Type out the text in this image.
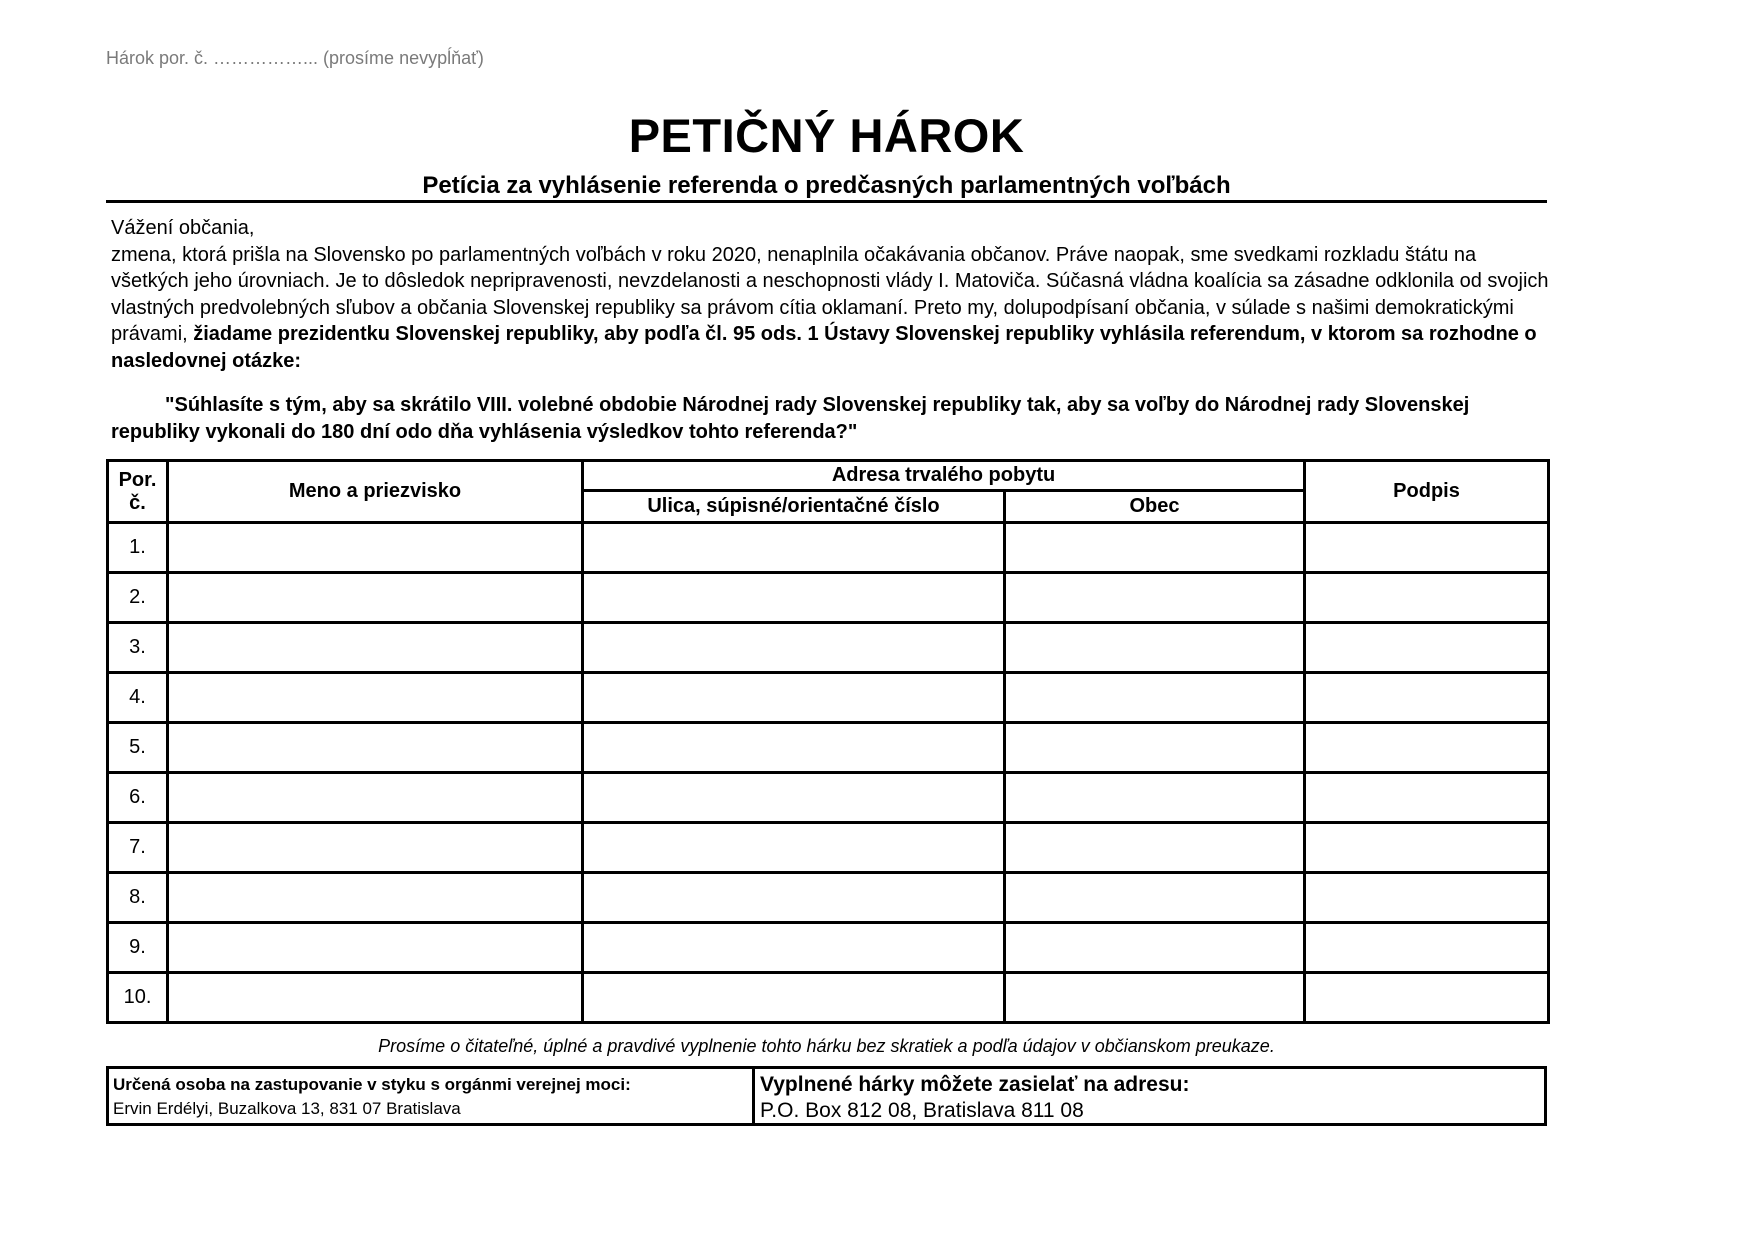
Hárok por. č. ……………... (prosíme nevypĺňať)
PETIČNÝ HÁROK
Petícia za vyhlásenie referenda o predčasných parlamentných voľbách

Vážení občania,

zmena, ktorá prišla na Slovensko po parlamentných voľbách v roku 2020, nenaplnila očakávania občanov. Práve naopak, sme svedkami rozkladu štátu na všetkých jeho úrovniach. Je to dôsledok nepripravenosti, nevzdelanosti a neschopnosti vlády I. Matoviča. Súčasná vládna koalícia sa zásadne odklonila od svojich vlastných predvolebných sľubov a občania Slovenskej republiky sa právom cítia oklamaní. Preto my, dolupodpísaní občania, v súlade s našimi demokratickými právami, žiadame prezidentku Slovenskej republiky, aby podľa čl. 95 ods. 1 Ústavy Slovenskej republiky vyhlásila referendum, v ktorom sa rozhodne o nasledovnej otázke:

"Súhlasíte s tým, aby sa skrátilo VIII. volebné obdobie Národnej rady Slovenskej republiky tak, aby sa voľby do Národnej rady Slovenskej republiky vykonali do 180 dní odo dňa vyhlásenia výsledkov tohto referenda?"
Por. č.	Meno a priezvisko	Adresa trvalého pobytu		Podpis
		Ulica, súpisné/orientačné číslo	Obec	
1.				
2.				
3.				
4.				
5.				
6.				
7.				
8.				
9.				
10.				
Prosíme o čitateľné, úplné a pravdivé vyplnenie tohto hárku bez skratiek a podľa údajov v občianskom preukaze.
Určená osoba na zastupovanie v styku s orgánmi verejnej moci:
Ervin Erdélyi, Buzalkova 13, 831 07 Bratislava
Vyplnené hárky môžete zasielať na adresu:
P.O. Box 812 08, Bratislava 811 08
